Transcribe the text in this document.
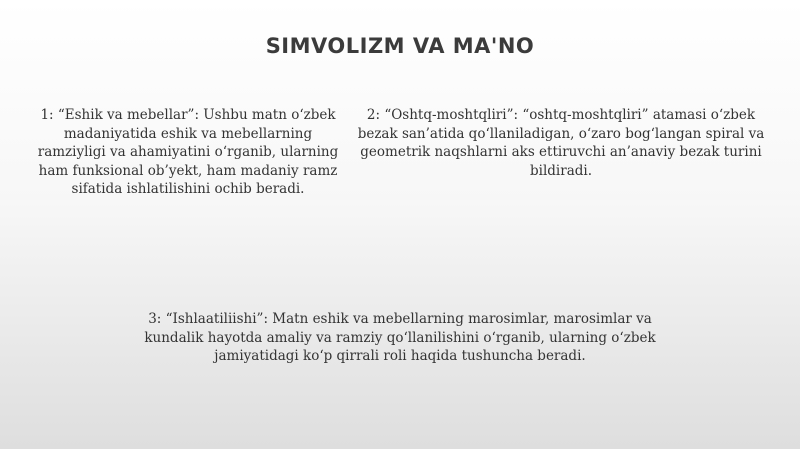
SIMVOLIZM VA MA'NO
1: “Eshik va mebellar”: Ushbu matn o‘zbek madaniyatida eshik va mebellarning ramziyligi va ahamiyatini o‘rganib, ularning ham funksional ob’yekt, ham madaniy ramz sifatida ishlatilishini ochib beradi.
2: “Oshtq-moshtqliri”: “oshtq-moshtqliri” atamasi o‘zbek bezak san’atida qo‘llaniladigan, o‘zaro bog‘langan spiral va geometrik naqshlarni aks ettiruvchi an’anaviy bezak turini bildiradi.
3: “Ishlaatiliishi”: Matn eshik va mebellarning marosimlar, marosimlar va kundalik hayotda amaliy va ramziy qo‘llanilishini o‘rganib, ularning o‘zbek jamiyatidagi ko‘p qirrali roli haqida tushuncha beradi.
